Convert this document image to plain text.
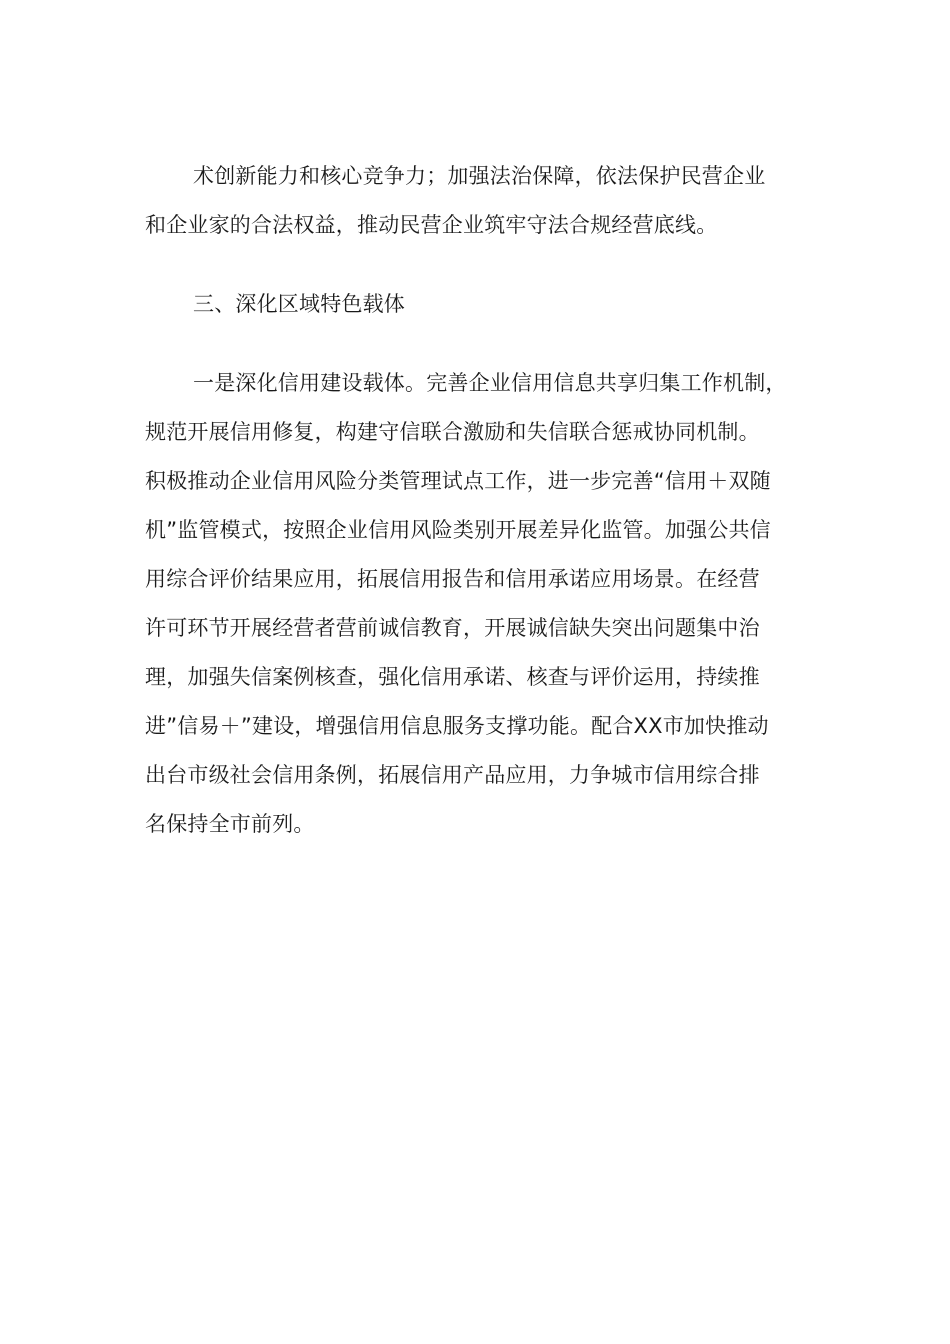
术创新能力和核心竞争力；加强法治保障，依法保护民营企业
和企业家的合法权益，推动民营企业筑牢守法合规经营底线。
三、深化区域特色载体
一是深化信用建设载体。完善企业信用信息共享归集工作机制，
规范开展信用修复，构建守信联合激励和失信联合惩戒协同机制。
积极推动企业信用风险分类管理试点工作，进一步完善“信用＋双随
机”监管模式，按照企业信用风险类别开展差异化监管。加强公共信
用综合评价结果应用，拓展信用报告和信用承诺应用场景。在经营
许可环节开展经营者营前诚信教育，开展诚信缺失突出问题集中治
理，加强失信案例核查，强化信用承诺、核查与评价运用，持续推
进”信易＋”建设，增强信用信息服务支撑功能。配合XX市加快推动
出台市级社会信用条例，拓展信用产品应用，力争城市信用综合排
名保持全市前列。
